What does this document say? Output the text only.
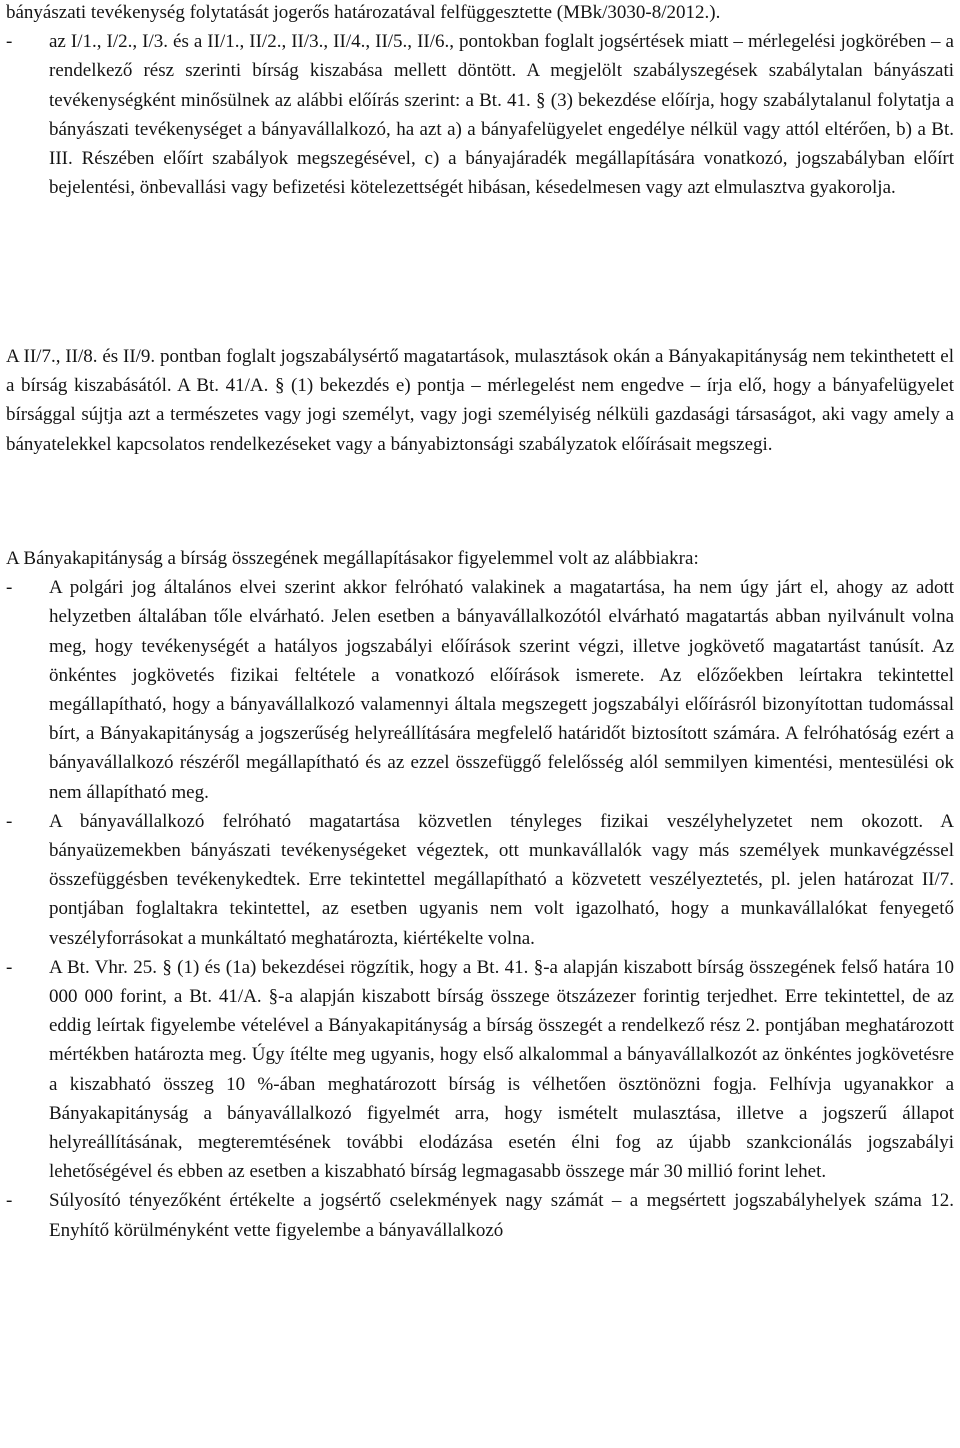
bányászati tevékenység folytatását jogerős határozatával felfüggesztette (MBk/3030-8/2012.).

- az I/1., I/2., I/3. és a II/1., II/2., II/3., II/4., II/5., II/6., pontokban foglalt jogsértések miatt – mérlegelési jogkörében – a rendelkező rész szerinti bírság kiszabása mellett döntött. A megjelölt szabályszegések szabálytalan bányászati tevékenységként minősülnek az alábbi előírás szerint: a Bt. 41. § (3) bekezdése előírja, hogy szabálytalanul folytatja a bányászati tevékenységet a bányavállalkozó, ha azt a) a bányafelügyelet engedélye nélkül vagy attól eltérően, b) a Bt. III. Részében előírt szabályok megszegésével, c) a bányajáradék megállapítására vonatkozó, jogszabályban előírt bejelentési, önbevallási vagy befizetési kötelezettségét hibásan, késedelmesen vagy azt elmulasztva gyakorolja.

A II/7., II/8. és II/9. pontban foglalt jogszabálysértő magatartások, mulasztások okán a Bányakapitányság nem tekinthetett el a bírság kiszabásától. A Bt. 41/A. § (1) bekezdés e) pontja – mérlegelést nem engedve – írja elő, hogy a bányafelügyelet bírsággal sújtja azt a természetes vagy jogi személyt, vagy jogi személyiség nélküli gazdasági társaságot, aki vagy amely a bányatelekkel kapcsolatos rendelkezéseket vagy a bányabiztonsági szabályzatok előírásait megszegi.

A Bányakapitányság a bírság összegének megállapításakor figyelemmel volt az alábbiakra:

- A polgári jog általános elvei szerint akkor felróható valakinek a magatartása, ha nem úgy járt el, ahogy az adott helyzetben általában tőle elvárható. Jelen esetben a bányavállalkozótól elvárható magatartás abban nyilvánult volna meg, hogy tevékenységét a hatályos jogszabályi előírások szerint végzi, illetve jogkövető magatartást tanúsít. Az önkéntes jogkövetés fizikai feltétele a vonatkozó előírások ismerete. Az előzőekben leírtakra tekintettel megállapítható, hogy a bányavállalkozó valamennyi általa megszegett jogszabályi előírásról bizonyítottan tudomással bírt, a Bányakapitányság a jogszerűség helyreállítására megfelelő határidőt biztosított számára. A felróhatóság ezért a bányavállalkozó részéről megállapítható és az ezzel összefüggő felelősség alól semmilyen kimentési, mentesülési ok nem állapítható meg.
- A bányavállalkozó felróható magatartása közvetlen tényleges fizikai veszélyhelyzetet nem okozott. A bányaüzemekben bányászati tevékenységeket végeztek, ott munkavállalók vagy más személyek munkavégzéssel összefüggésben tevékenykedtek. Erre tekintettel megállapítható a közvetett veszélyeztetés, pl. jelen határozat II/7. pontjában foglaltakra tekintettel, az esetben ugyanis nem volt igazolható, hogy a munkavállalókat fenyegető veszélyforrásokat a munkáltató meghatározta, kiértékelte volna.
- A Bt. Vhr. 25. § (1) és (1a) bekezdései rögzítik, hogy a Bt. 41. §-a alapján kiszabott bírság összegének felső határa 10 000 000 forint, a Bt. 41/A. §-a alapján kiszabott bírság összege ötszázezer forintig terjedhet. Erre tekintettel, de az eddig leírtak figyelembe vételével a Bányakapitányság a bírság összegét a rendelkező rész 2. pontjában meghatározott mértékben határozta meg. Úgy ítélte meg ugyanis, hogy első alkalommal a bányavállalkozót az önkéntes jogkövetésre a kiszabható összeg 10 %-ában meghatározott bírság is vélhetően ösztönözni fogja. Felhívja ugyanakkor a Bányakapitányság a bányavállalkozó figyelmét arra, hogy ismételt mulasztása, illetve a jogszerű állapot helyreállításának, megteremtésének további elodázása esetén élni fog az újabb szankcionálás jogszabályi lehetőségével és ebben az esetben a kiszabható bírság legmagasabb összege már 30 millió forint lehet.
- Súlyosító tényezőként értékelte a jogsértő cselekmények nagy számát – a megsértett jogszabályhelyek száma 12. Enyhítő körülményként vette figyelembe a bányavállalkozó
